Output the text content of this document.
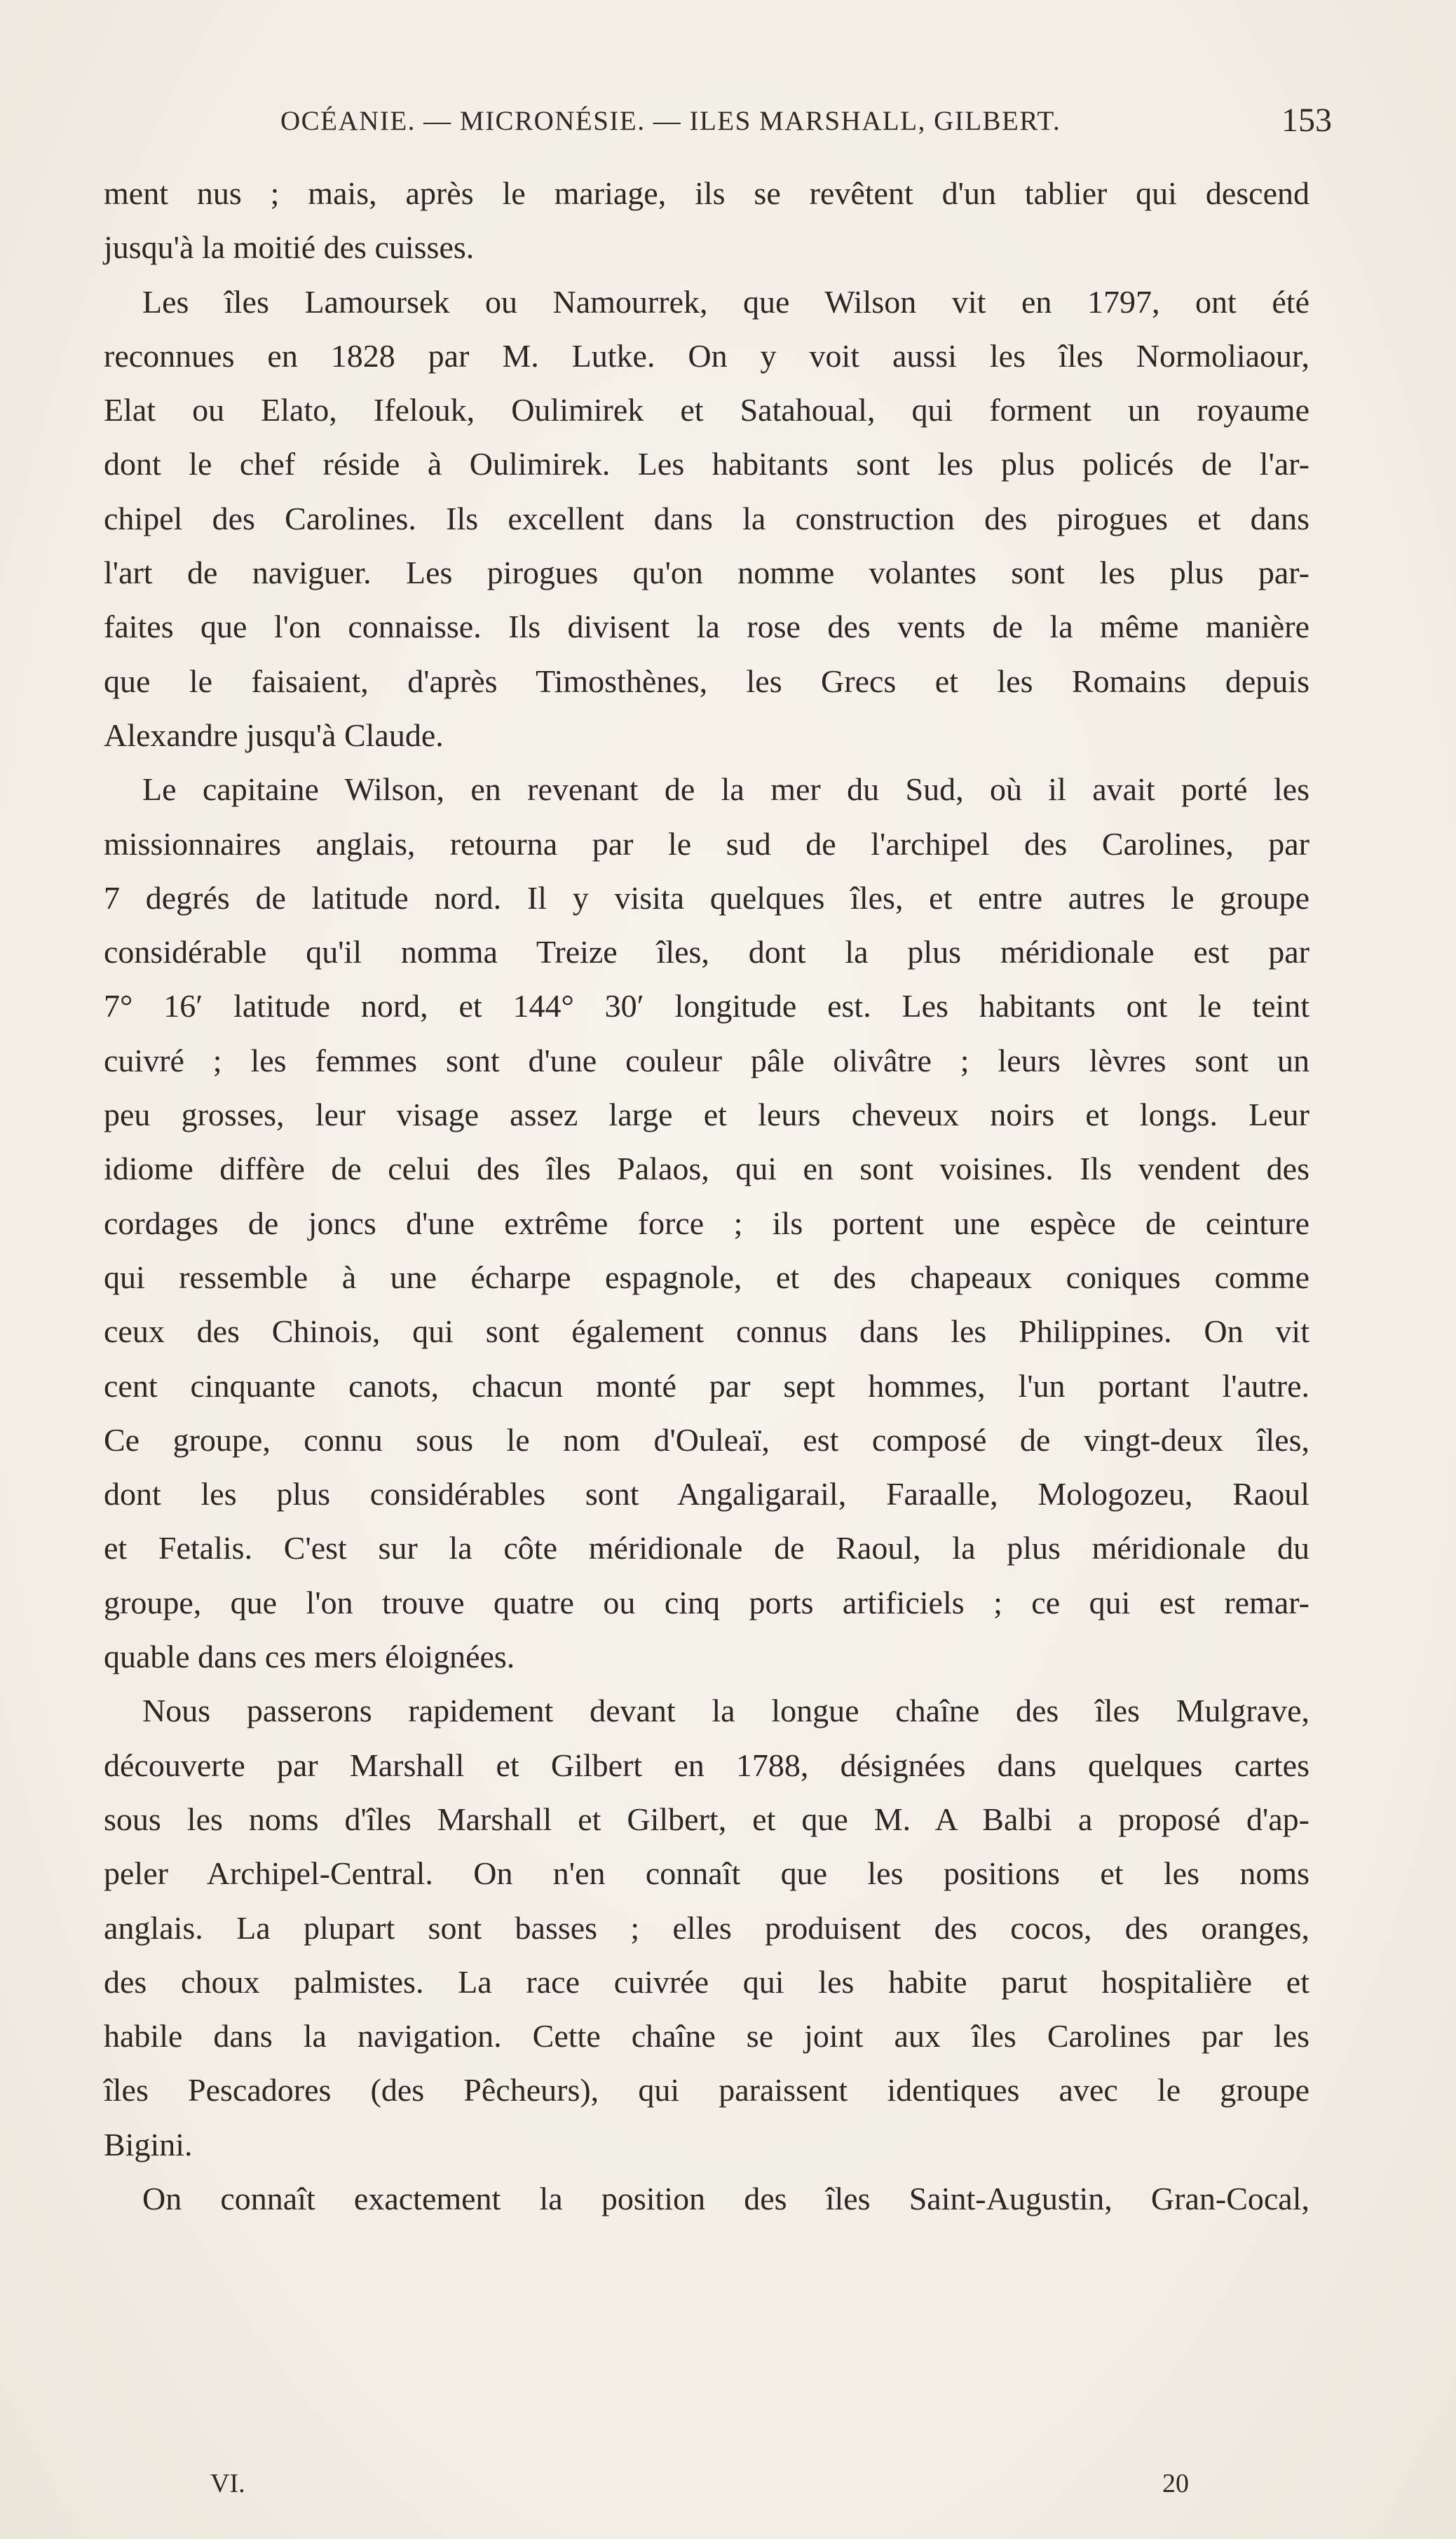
OCÉANIE. — MICRONÉSIE. — ILES MARSHALL, GILBERT.	153
ment nus ; mais, après le mariage, ils se revêtent d'un tablier qui descend
jusqu'à la moitié des cuisses.
Les îles Lamoursek ou Namourrek, que Wilson vit en 1797, ont été
reconnues en 1828 par M. Lutke. On y voit aussi les îles Normoliaour,
Elat ou Elato, Ifelouk, Oulimirek et Satahoual, qui forment un royaume
dont le chef réside à Oulimirek. Les habitants sont les plus policés de l'ar-
chipel des Carolines. Ils excellent dans la construction des pirogues et dans
l'art de naviguer. Les pirogues qu'on nomme volantes sont les plus par-
faites que l'on connaisse. Ils divisent la rose des vents de la même manière
que le faisaient, d'après Timosthènes, les Grecs et les Romains depuis
Alexandre jusqu'à Claude.
Le capitaine Wilson, en revenant de la mer du Sud, où il avait porté les
missionnaires anglais, retourna par le sud de l'archipel des Carolines, par
7 degrés de latitude nord. Il y visita quelques îles, et entre autres le groupe
considérable qu'il nomma Treize îles, dont la plus méridionale est par
7° 16′ latitude nord, et 144° 30′ longitude est. Les habitants ont le teint
cuivré ; les femmes sont d'une couleur pâle olivâtre ; leurs lèvres sont un
peu grosses, leur visage assez large et leurs cheveux noirs et longs. Leur
idiome diffère de celui des îles Palaos, qui en sont voisines. Ils vendent des
cordages de joncs d'une extrême force ; ils portent une espèce de ceinture
qui ressemble à une écharpe espagnole, et des chapeaux coniques comme
ceux des Chinois, qui sont également connus dans les Philippines. On vit
cent cinquante canots, chacun monté par sept hommes, l'un portant l'autre.
Ce groupe, connu sous le nom d'Ouleaï, est composé de vingt-deux îles,
dont les plus considérables sont Angaligarail, Faraalle, Mologozeu, Raoul
et Fetalis. C'est sur la côte méridionale de Raoul, la plus méridionale du
groupe, que l'on trouve quatre ou cinq ports artificiels ; ce qui est remar-
quable dans ces mers éloignées.
Nous passerons rapidement devant la longue chaîne des îles Mulgrave,
découverte par Marshall et Gilbert en 1788, désignées dans quelques cartes
sous les noms d'îles Marshall et Gilbert, et que M. A Balbi a proposé d'ap-
peler Archipel-Central. On n'en connaît que les positions et les noms
anglais. La plupart sont basses ; elles produisent des cocos, des oranges,
des choux palmistes. La race cuivrée qui les habite parut hospitalière et
habile dans la navigation. Cette chaîne se joint aux îles Carolines par les
îles Pescadores (des Pêcheurs), qui paraissent identiques avec le groupe
Bigini.
On connaît exactement la position des îles Saint-Augustin, Gran-Cocal,
VI.	20
